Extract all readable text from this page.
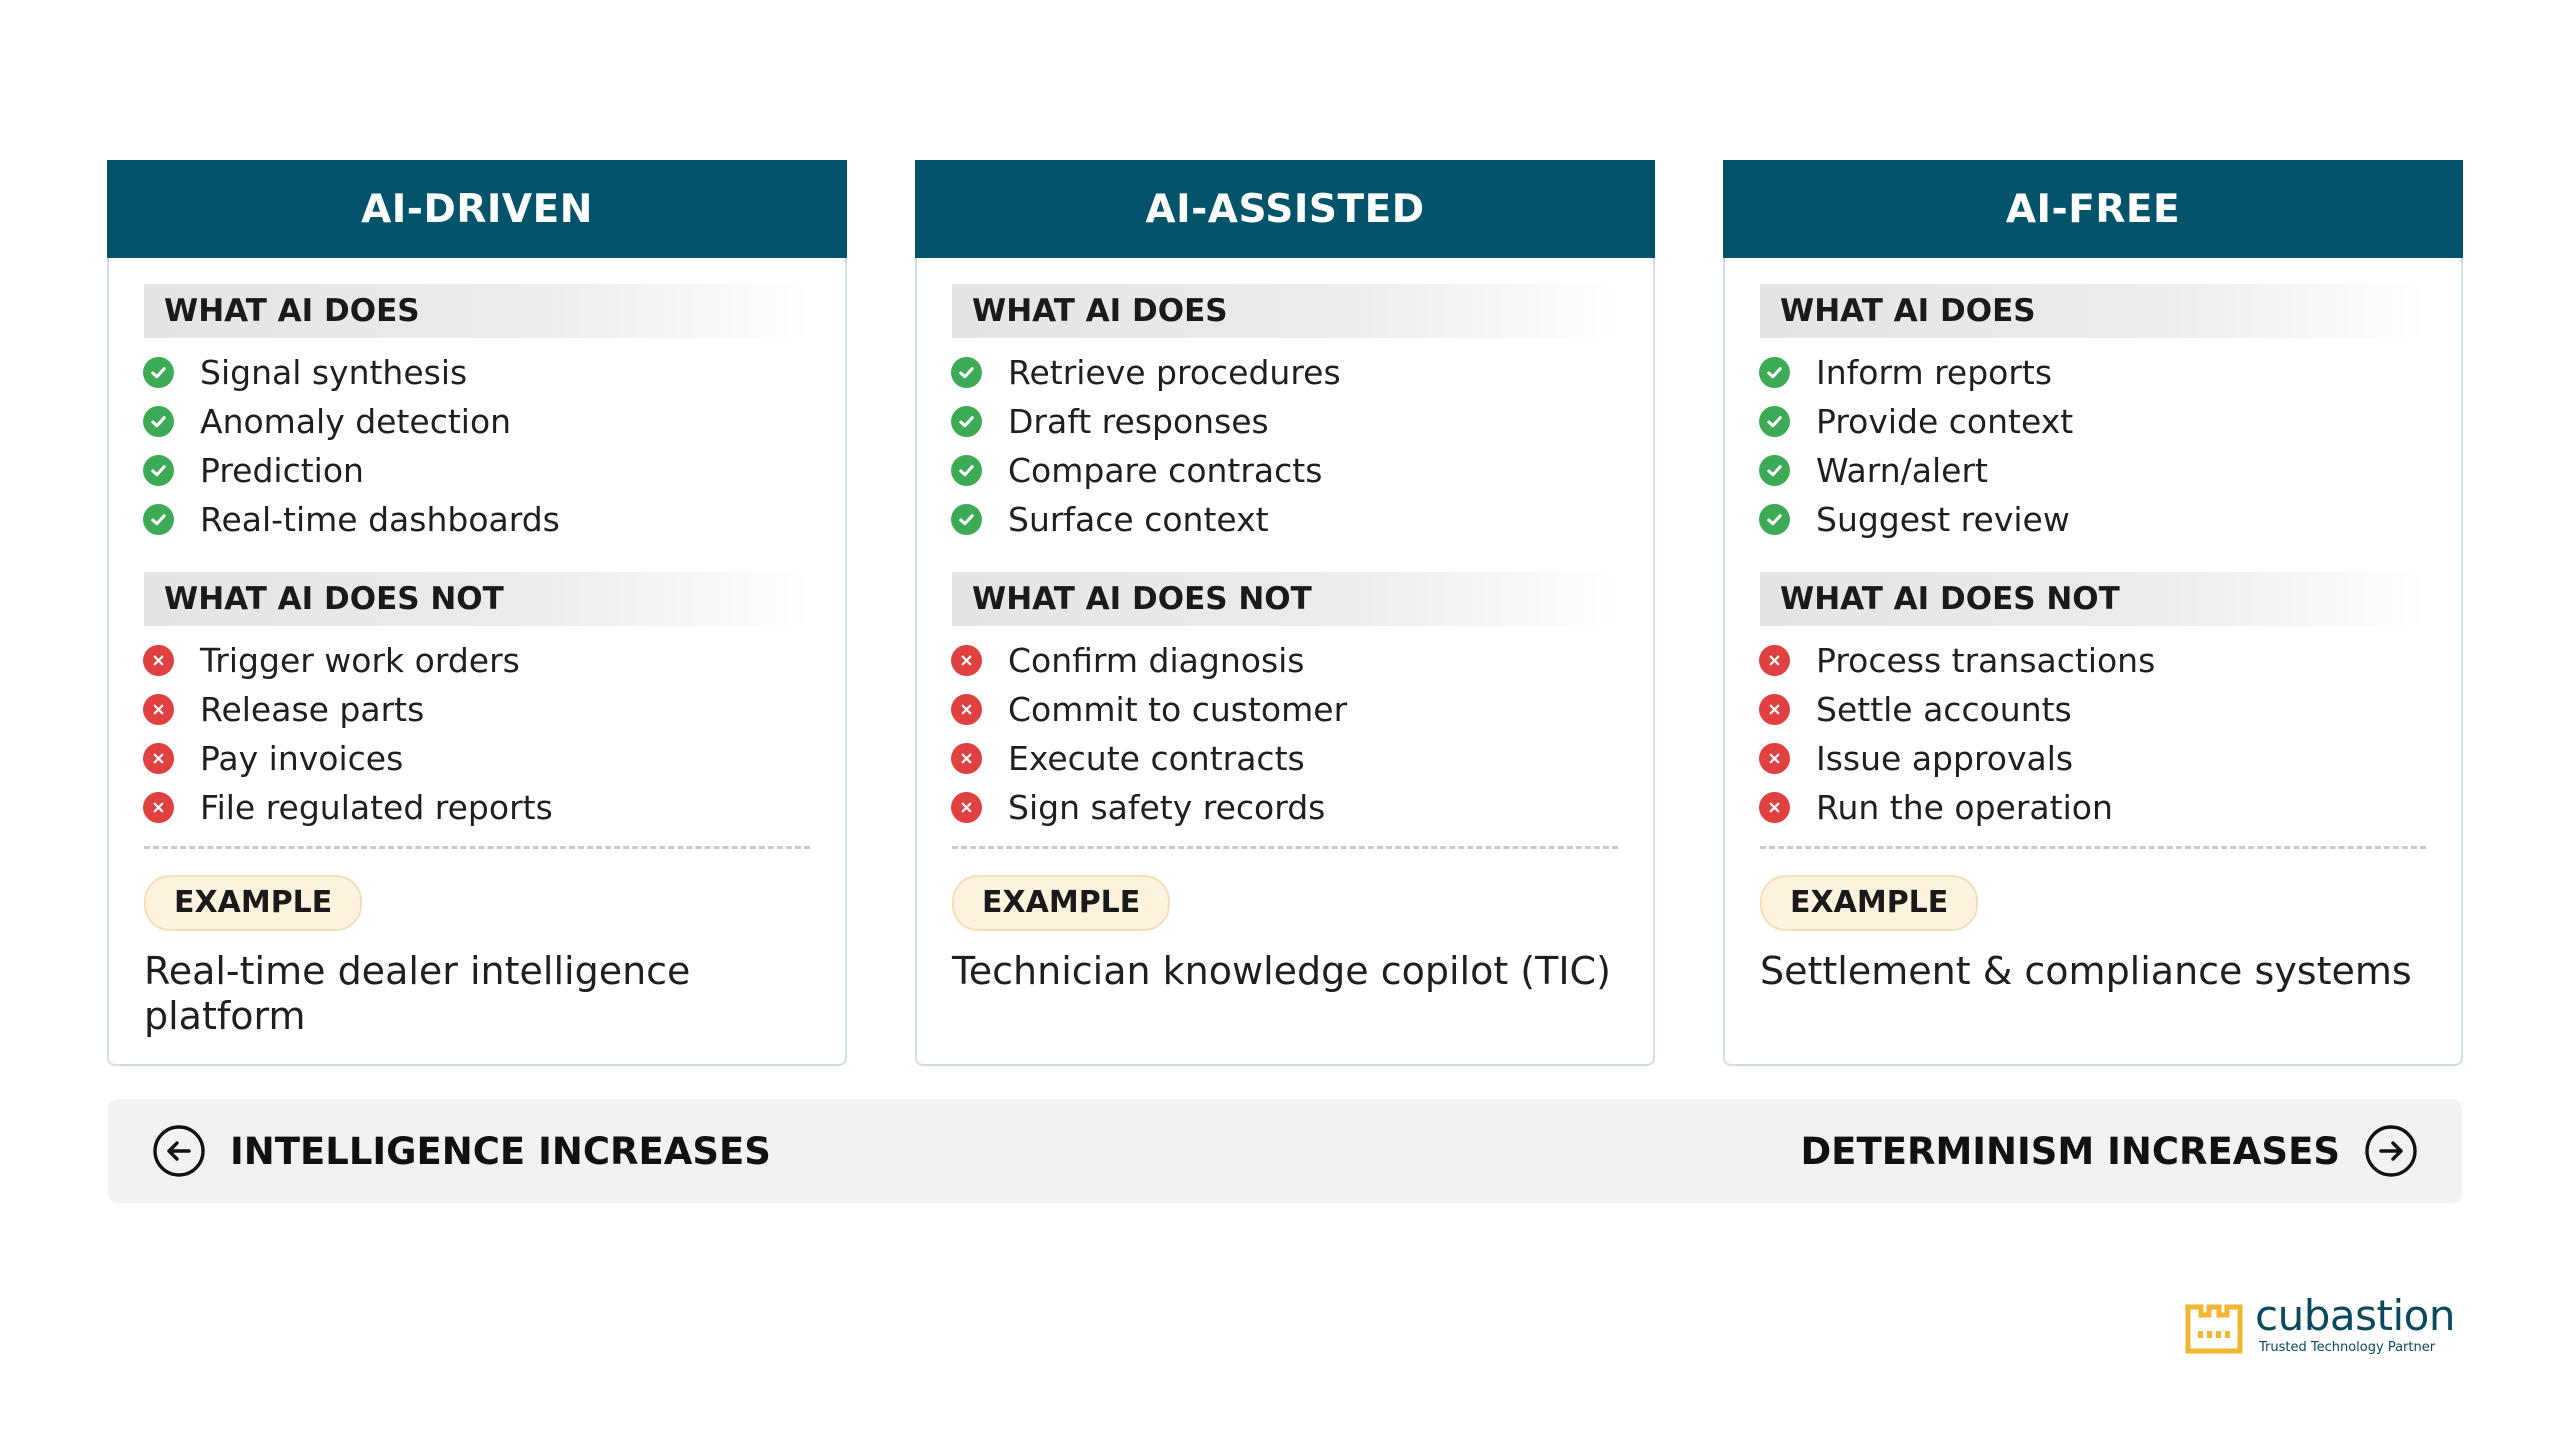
AI-DRIVEN
WHAT AI DOES
Signal synthesis
Anomaly detection
Prediction
Real-time dashboards
WHAT AI DOES NOT
Trigger work orders
Release parts
Pay invoices
File regulated reports
EXAMPLE
Real-time dealer intelligence platform
AI-ASSISTED
WHAT AI DOES
Retrieve procedures
Draft responses
Compare contracts
Surface context
WHAT AI DOES NOT
Confirm diagnosis
Commit to customer
Execute contracts
Sign safety records
EXAMPLE
Technician knowledge copilot (TIC)
AI-FREE
WHAT AI DOES
Inform reports
Provide context
Warn/alert
Suggest review
WHAT AI DOES NOT
Process transactions
Settle accounts
Issue approvals
Run the operation
EXAMPLE
Settlement & compliance systems
INTELLIGENCE INCREASES	DETERMINISM INCREASES
cubastion
Trusted Technology Partner
